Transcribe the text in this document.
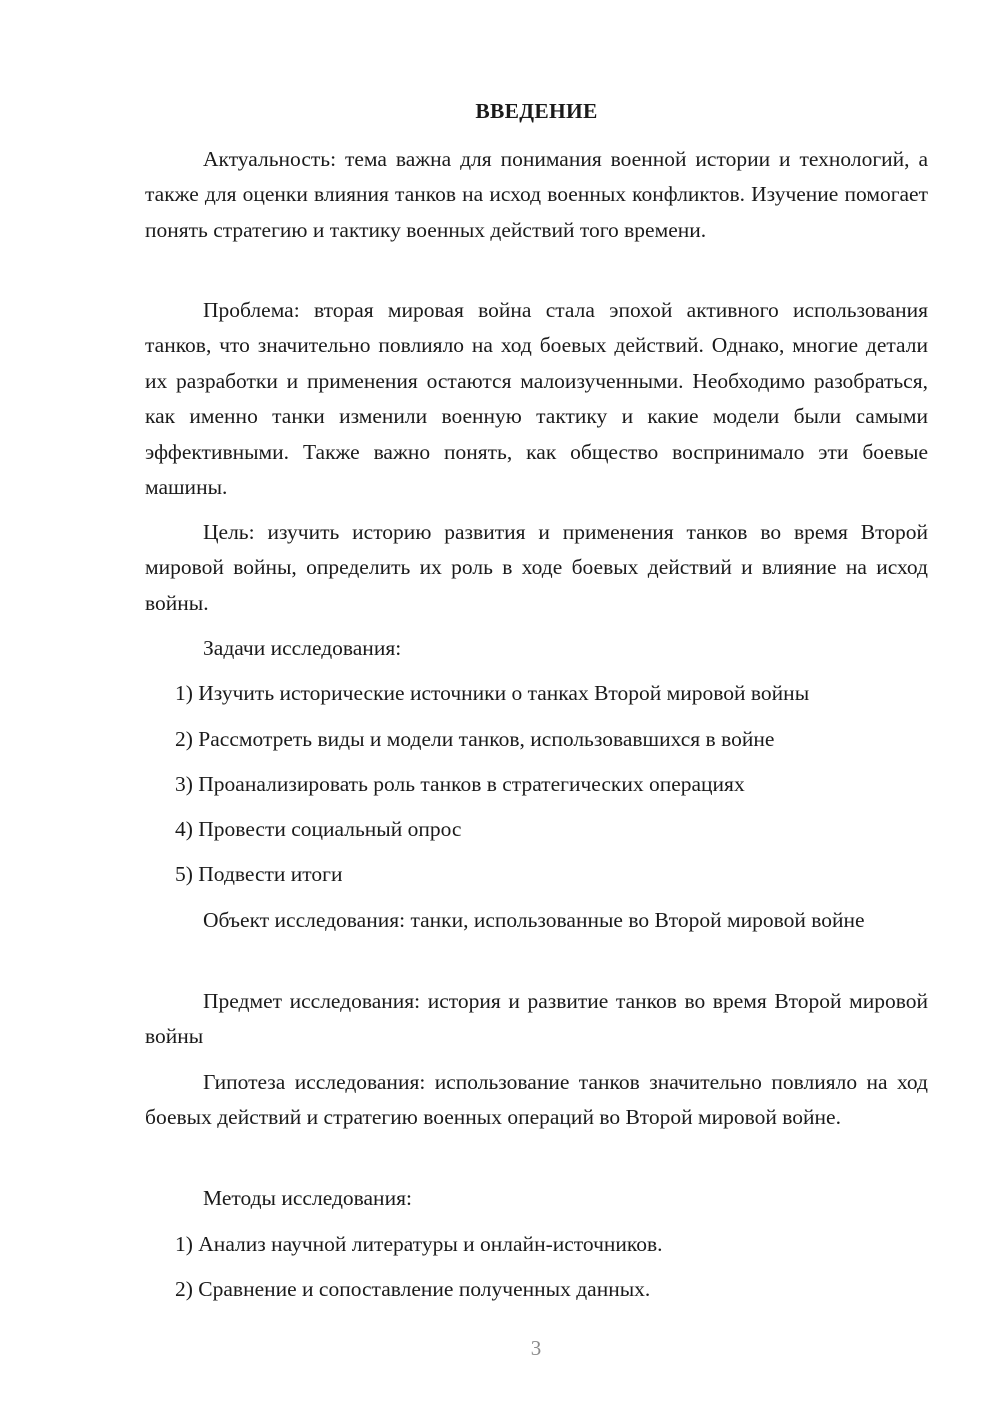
ВВЕДЕНИЕ

Актуальность: тема важна для понимания военной истории и технологий, а также для оценки влияния танков на исход военных конфликтов. Изучение помогает понять стратегию и тактику военных действий того времени.

Проблема: вторая мировая война стала эпохой активного использования танков, что значительно повлияло на ход боевых действий. Однако, многие детали их разработки и применения остаются малоизученными. Необходимо разобраться, как именно танки изменили военную тактику и какие модели были самыми эффективными. Также важно понять, как общество воспринимало эти боевые машины.

Цель: изучить историю развития и применения танков во время Второй мировой войны, определить их роль в ходе боевых действий и влияние на исход войны.

Задачи исследования:

1) Изучить исторические источники о танках Второй мировой войны

2) Рассмотреть виды и модели танков, использовавшихся в войне

3) Проанализировать роль танков в стратегических операциях

4) Провести социальный опрос

5) Подвести итоги

Объект исследования: танки, использованные во Второй мировой войне

Предмет исследования: история и развитие танков во время Второй мировой войны

Гипотеза исследования: использование танков значительно повлияло на ход боевых действий и стратегию военных операций во Второй мировой войне.

Методы исследования:

1) Анализ научной литературы и онлайн-источников.

2) Сравнение и сопоставление полученных данных.

3
